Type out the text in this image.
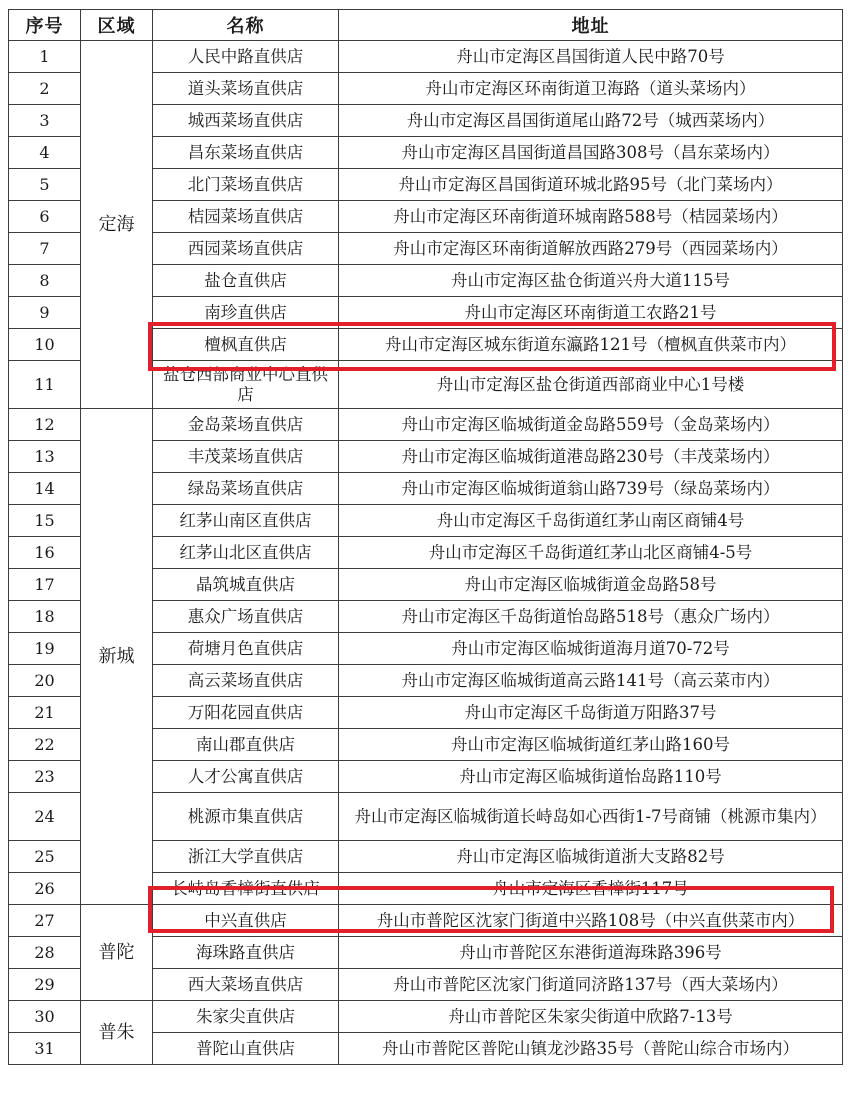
序号	区域	名称	地址
1	定海	人民中路直供店	舟山市定海区昌国街道人民中路70号
2		道头菜场直供店	舟山市定海区环南街道卫海路（道头菜场内）
3		城西菜场直供店	舟山市定海区昌国街道尾山路72号（城西菜场内）
4		昌东菜场直供店	舟山市定海区昌国街道昌国路308号（昌东菜场内）
5		北门菜场直供店	舟山市定海区昌国街道环城北路95号（北门菜场内）
6		桔园菜场直供店	舟山市定海区环南街道环城南路588号（桔园菜场内）
7		西园菜场直供店	舟山市定海区环南街道解放西路279号（西园菜场内）
8		盐仓直供店	舟山市定海区盐仓街道兴舟大道115号
9		南珍直供店	舟山市定海区环南街道工农路21号
10		檀枫直供店	舟山市定海区城东街道东瀛路121号（檀枫直供菜市内）
11		盐仓西部商业中心直供店	舟山市定海区盐仓街道西部商业中心1号楼
12	新城	金岛菜场直供店	舟山市定海区临城街道金岛路559号（金岛菜场内）
13		丰茂菜场直供店	舟山市定海区临城街道港岛路230号（丰茂菜场内）
14		绿岛菜场直供店	舟山市定海区临城街道翁山路739号（绿岛菜场内）
15		红茅山南区直供店	舟山市定海区千岛街道红茅山南区商铺4号
16		红茅山北区直供店	舟山市定海区千岛街道红茅山北区商铺4-5号
17		晶筑城直供店	舟山市定海区临城街道金岛路58号
18		惠众广场直供店	舟山市定海区千岛街道怡岛路518号（惠众广场内）
19		荷塘月色直供店	舟山市定海区临城街道海月道70-72号
20		高云菜场直供店	舟山市定海区临城街道高云路141号（高云菜市内）
21		万阳花园直供店	舟山市定海区千岛街道万阳路37号
22		南山郡直供店	舟山市定海区临城街道红茅山路160号
23		人才公寓直供店	舟山市定海区临城街道怡岛路110号
24		桃源市集直供店	舟山市定海区临城街道长峙岛如心西街1-7号商铺（桃源市集内）
25		浙江大学直供店	舟山市定海区临城街道浙大支路82号
26		长峙岛香樟街直供店	舟山市定海区香樟街117号
27	普陀	中兴直供店	舟山市普陀区沈家门街道中兴路108号（中兴直供菜市内）
28		海珠路直供店	舟山市普陀区东港街道海珠路396号
29		西大菜场直供店	舟山市普陀区沈家门街道同济路137号（西大菜场内）
30	普朱	朱家尖直供店	舟山市普陀区朱家尖街道中欣路7-13号
31		普陀山直供店	舟山市普陀区普陀山镇龙沙路35号（普陀山综合市场内）
